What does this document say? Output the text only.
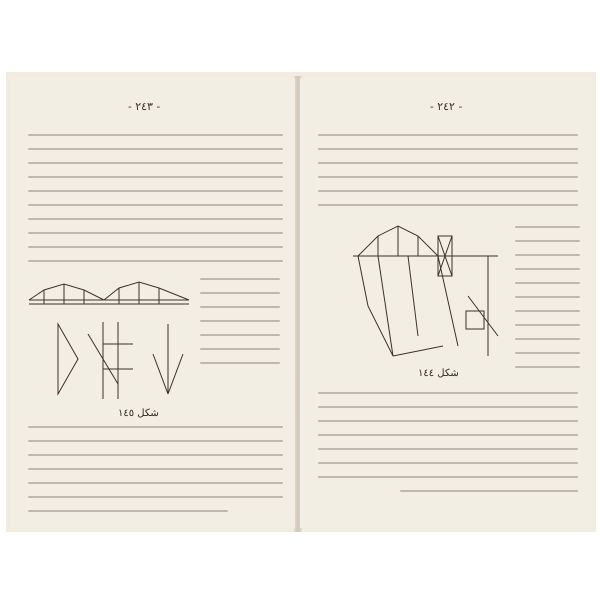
- ٢٤٣ -
شکل ١٤٥
- ٢٤٢ -
شکل ١٤٤
